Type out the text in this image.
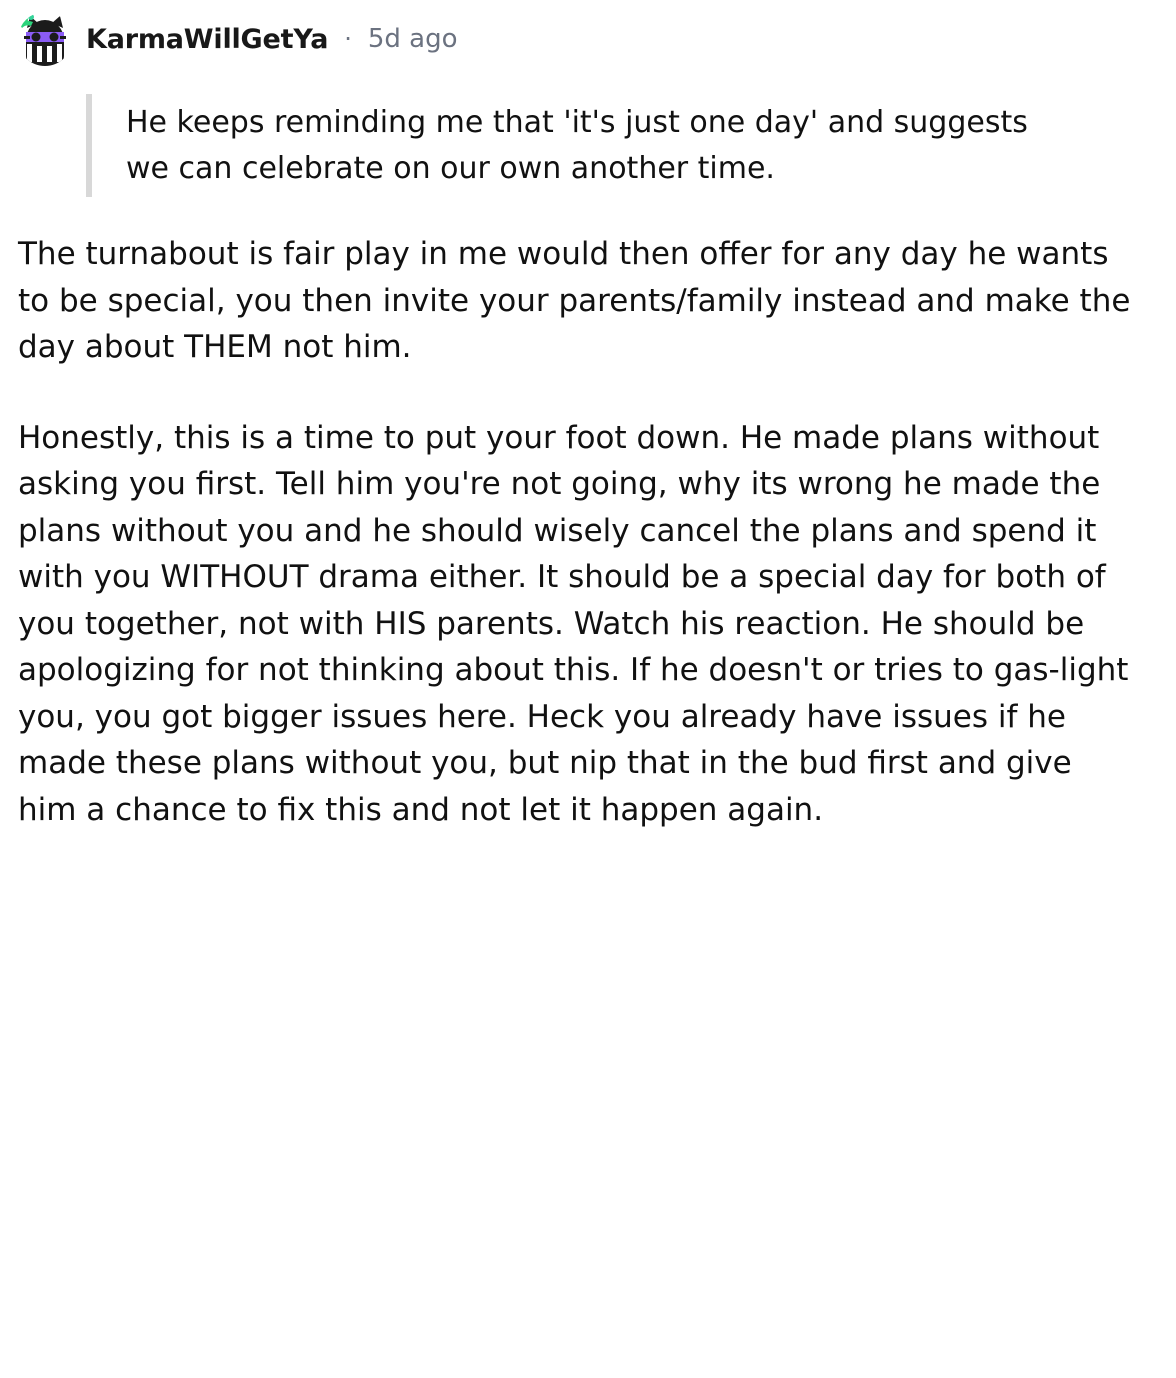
KarmaWillGetYa · 5d ago

He keeps reminding me that 'it's just one day' and suggests we can celebrate on our own another time.

The turnabout is fair play in me would then offer for any day he wants to be special, you then invite your parents/family instead and make the day about THEM not him.

Honestly, this is a time to put your foot down. He made plans without asking you first. Tell him you're not going, why its wrong he made the plans without you and he should wisely cancel the plans and spend it with you WITHOUT drama either. It should be a special day for both of you together, not with HIS parents. Watch his reaction. He should be apologizing for not thinking about this. If he doesn't or tries to gas-light you, you got bigger issues here. Heck you already have issues if he made these plans without you, but nip that in the bud first and give him a chance to fix this and not let it happen again.
